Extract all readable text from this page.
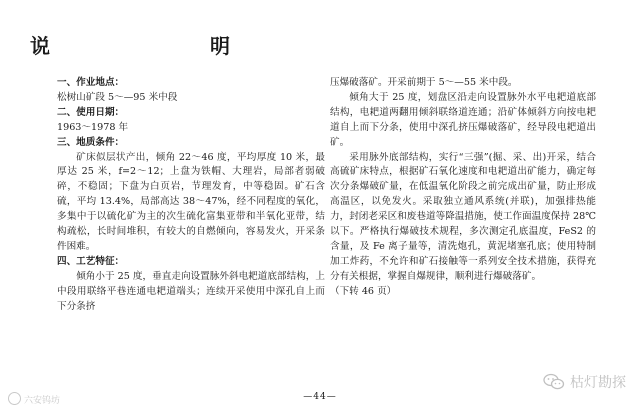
说　　明

一、作业地点：

松树山矿段 5～—95 米中段

二、使用日期：

1963～1978 年

三、地质条件：

矿床似层状产出，倾角 22～46 度，平均厚度 10 米，最厚达 25 米，f=2～12；上盘为铁帽、大理岩，局部者弱破碎，不稳固；下盘为白页岩，节理发育，中等稳固。矿石含硫，平均 13.4%，局部高达 38～47%，经不同程度的氧化，多集中于以硫化矿为主的次生硫化富集亚带和半氧化亚带，结构疏松，长时间堆积，有较大的自燃倾向，容易发火，开采条件困难。

四、工艺特征：

倾角小于 25 度，垂直走向设置脉外斜电耙道底部结构，上中段用联络平巷连通电耙道端头；连续开采使用中深孔自上而下分条挤

压爆破落矿。开采前期于 5～—55 米中段。

倾角大于 25 度，划盘区沿走向设置脉外水平电耙道底部结构，电耙道两翻用倾斜联络道连通；沿矿体倾斜方向按电耙道自上而下分条，使用中深孔挤压爆破落矿，经导段电耙道出矿。

采用脉外底部结构，实行“三强”(掘、采、出)开采，结合高硫矿床特点，根据矿石氧化速度和电耙道出矿能力，确定每次分条爆破矿量，在低温氧化阶段之前完成出矿量，防止形成高温区，以免发火。采取独立通风系统(并联)，加强排热能力，封闭老采区和废巷道等降温措施，使工作面温度保持 28℃以下。严格执行爆破技术规程，多次测定孔底温度，FeS2 的含量，及 Fe 离子量等，清洗炮孔，黄泥堵塞孔底；使用特制加工炸药，不允许和矿石接触等一系列安全技术措施，获得充分有关根据，掌握自爆规律，顺利进行爆破落矿。

（下转 46 页）

—44—
六安钨坊
枯灯勘探
